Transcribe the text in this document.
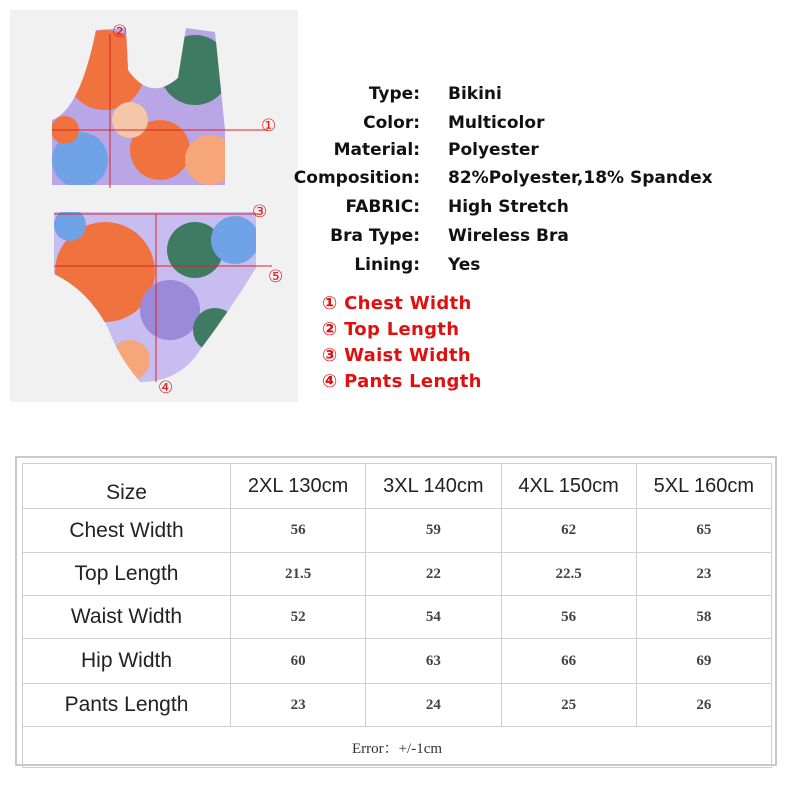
②
①
③
⑤
④
Type: Bikini
Color: Multicolor
Material: Polyester
Composition: 82%Polyester,18% Spandex
FABRIC: High Stretch
Bra Type: Wireless Bra
Lining: Yes
① Chest Width
② Top Length
③ Waist Width
④ Pants Length
Size	2XL 130cm	3XL 140cm	4XL 150cm	5XL 160cm
Chest Width	56	59	62	65
Top Length	21.5	22	22.5	23
Waist Width	52	54	56	58
Hip Width	60	63	66	69
Pants Length	23	24	25	26
Error：+/-1cm				
